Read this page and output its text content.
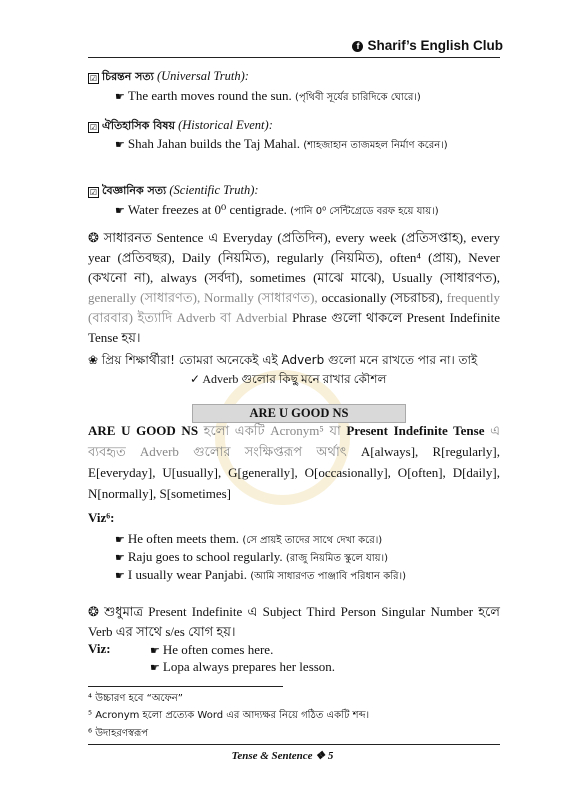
f Sharif’s English Club
☑ চিরন্তন সত্য (Universal Truth):
☛ The earth moves round the sun. (পৃথিবী সূর্যের চারিদিকে ঘোরে।)
☑ ঐতিহাসিক বিষয় (Historical Event):
☛ Shah Jahan builds the Taj Mahal. (শাহজাহান তাজমহল নির্মাণ করেন।)
☑ বৈজ্ঞানিক সত্য (Scientific Truth):
☛ Water freezes at 0⁰ centigrade. (পানি 0⁰ সেন্টিগ্রেডে বরফ হয়ে যায়।)
❂ সাধারনত Sentence এ Everyday (প্রতিদিন), every week (প্রতিসপ্তাহ), every year (প্রতিবছর), Daily (নিয়মিত), regularly (নিয়মিত), often⁴ (প্রায়), Never (কখনো না), always (সর্বদা), sometimes (মাঝে মাঝে), Usually (সাধারণত), generally (সাধারণত), Normally (সাধারণত), occasionally (সচরাচর), frequently (বারবার) ইত্যাদি Adverb বা Adverbial Phrase গুলো থাকলে Present Indefinite Tense হয়।
❀ প্রিয় শিক্ষার্থীরা! তোমরা অনেকেই এই Adverb গুলো মনে রাখতে পার না। তাই
✓ Adverb গুলোর কিছু মনে রাখার কৌশল
ARE U GOOD NS
ARE U GOOD NS হলো একটি Acronym⁵ যা Present Indefinite Tense এ ব্যবহৃত Adverb গুলোর সংক্ষিপ্তরূপ অর্থাৎ A[always], R[regularly], E[everyday], U[usually], G[generally], O[occasionally], O[often], D[daily], N[normally], S[sometimes]
Viz⁶:
☛ He often meets them. (সে প্রায়ই তাদের সাথে দেখা করে।)
☛ Raju goes to school regularly. (রাজু নিয়মিত স্কুলে যায়।)
☛ I usually wear Panjabi. (আমি সাধারণত পাঞ্জাবি পরিধান করি।)
❂ শুধুমাত্র Present Indefinite এ Subject Third Person Singular Number হলে Verb এর সাথে s/es যোগ হয়।
Viz:	☛ He often comes here.
☛ Lopa always prepares her lesson.
⁴ উচ্চারণ হবে “অফেন”
⁵ Acronym হলো প্রত্যেক Word এর আদ্যক্ষর নিয়ে গঠিত একটি শব্দ।
⁶ উদাহরণস্বরূপ
Tense & Sentence ❖ 5
